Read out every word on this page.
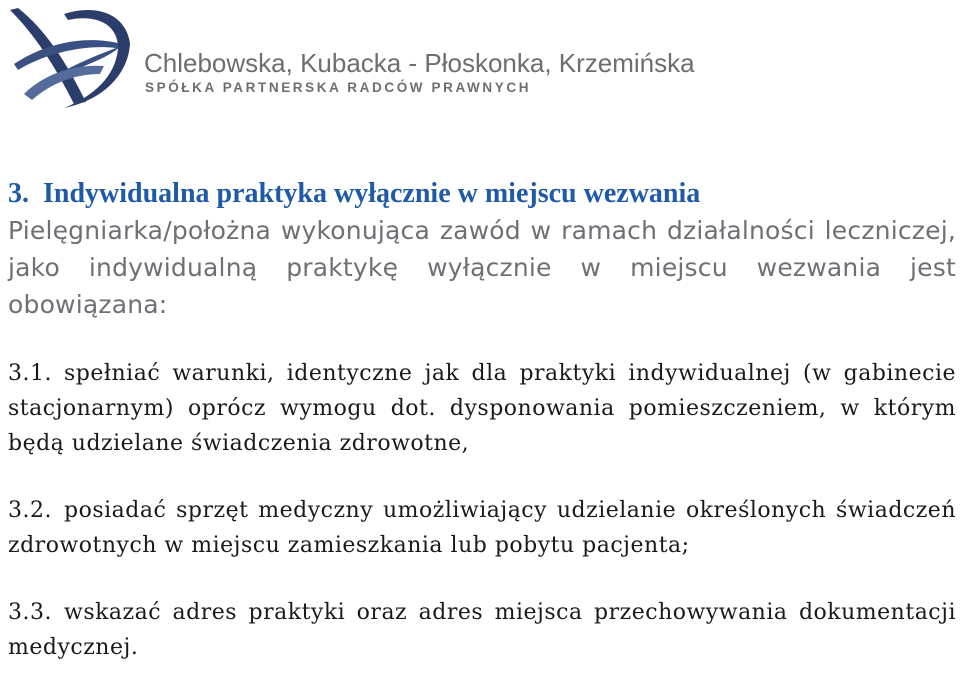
Chlebowska, Kubacka - Płoskonka, Krzemińska
SPÓŁKA PARTNERSKA RADCÓW PRAWNYCH

3. Indywidualna praktyka wyłącznie w miejscu wezwania

Pielęgniarka/położna wykonująca zawód w ramach działalności leczniczej, jako indywidualną praktykę wyłącznie w miejscu wezwania jest obowiązana:

3.1. spełniać warunki, identyczne jak dla praktyki indywidualnej (w gabinecie stacjonarnym) oprócz wymogu dot. dysponowania pomieszczeniem, w którym będą udzielane świadczenia zdrowotne,

3.2. posiadać sprzęt medyczny umożliwiający udzielanie określonych świadczeń zdrowotnych w miejscu zamieszkania lub pobytu pacjenta;

3.3. wskazać adres praktyki oraz adres miejsca przechowywania dokumentacji medycznej.
